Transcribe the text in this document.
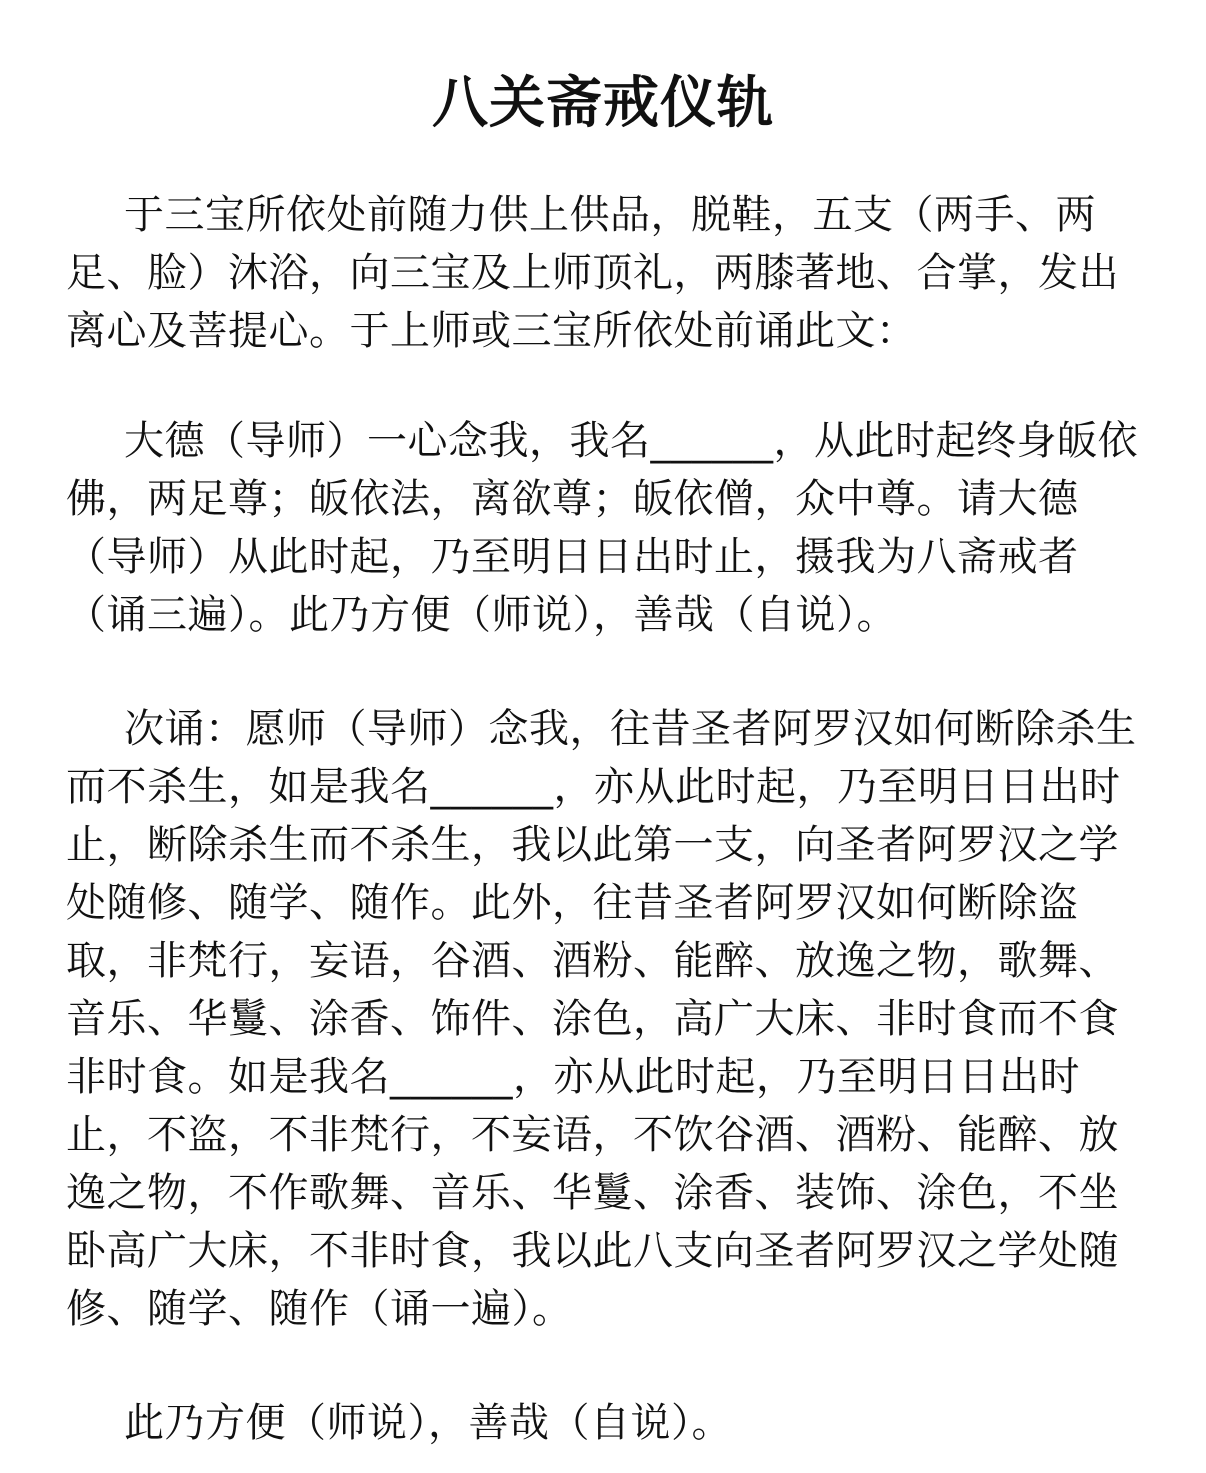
八关斋戒仪轨

于三宝所依处前随力供上供品，脱鞋，五支（两手、两足、脸）沐浴，向三宝及上师顶礼，两膝著地、合掌，发出离心及菩提心。于上师或三宝所依处前诵此文：

大德（导师）一心念我，我名______，从此时起终身皈依佛，两足尊；皈依法，离欲尊；皈依僧，众中尊。请大德（导师）从此时起，乃至明日日出时止，摄我为八斋戒者（诵三遍）。此乃方便（师说），善哉（自说）。

次诵：愿师（导师）念我，往昔圣者阿罗汉如何断除杀生而不杀生，如是我名______，亦从此时起，乃至明日日出时止，断除杀生而不杀生，我以此第一支，向圣者阿罗汉之学处随修、随学、随作。此外，往昔圣者阿罗汉如何断除盗取，非梵行，妄语，谷酒、酒粉、能醉、放逸之物，歌舞、音乐、华鬘、涂香、饰件、涂色，高广大床、非时食而不食非时食。如是我名______，亦从此时起，乃至明日日出时止，不盗，不非梵行，不妄语，不饮谷酒、酒粉、能醉、放逸之物，不作歌舞、音乐、华鬘、涂香、装饰、涂色，不坐卧高广大床，不非时食，我以此八支向圣者阿罗汉之学处随修、随学、随作（诵一遍）。

此乃方便（师说），善哉（自说）。
